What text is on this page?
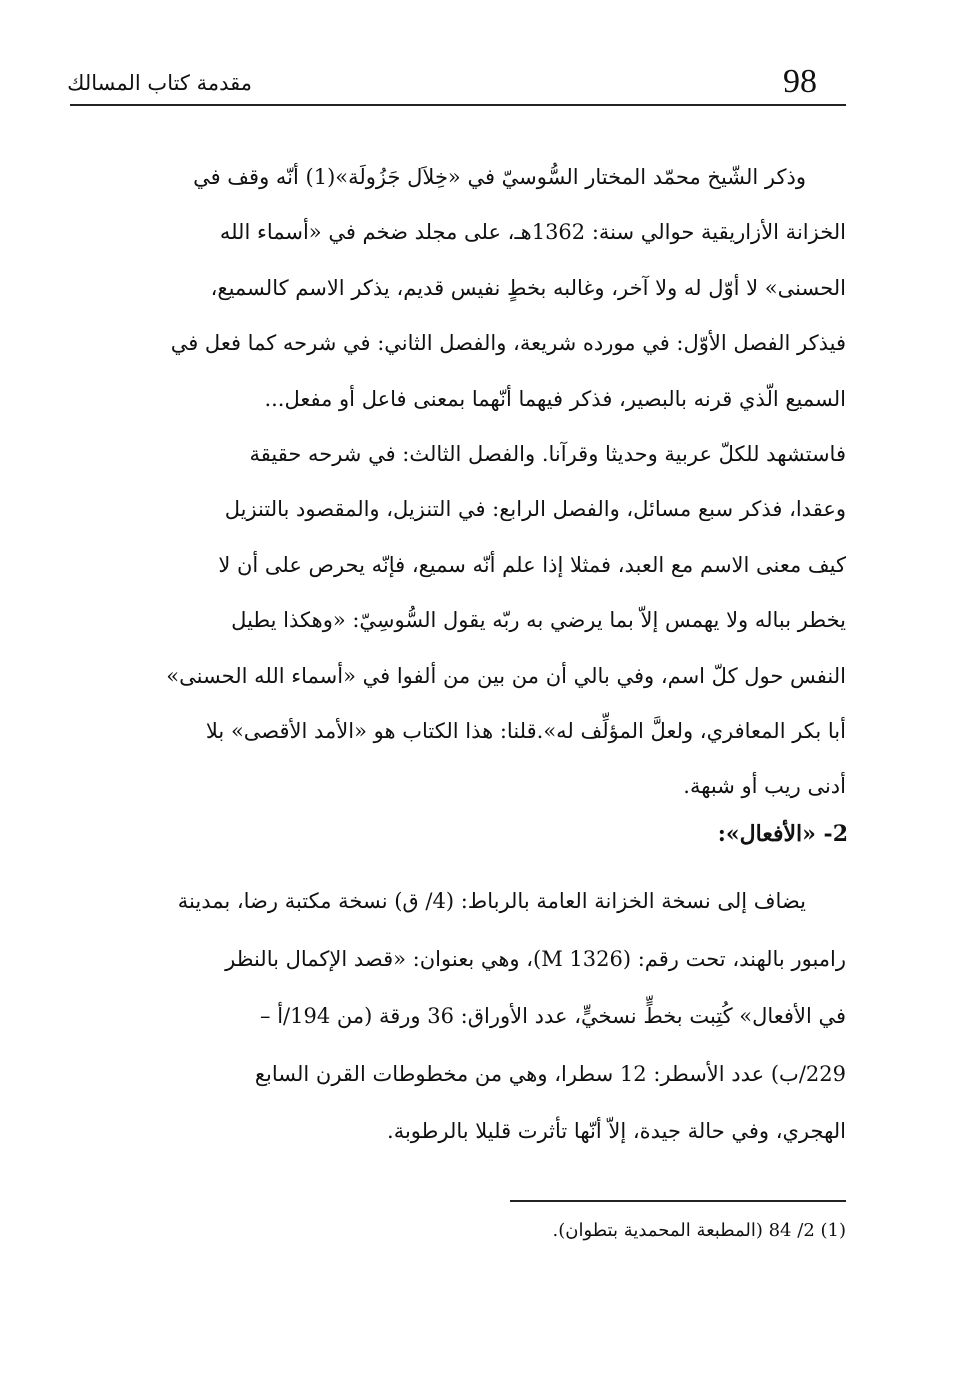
98
مقدمة كتاب المسالك
وذكر الشّيخ محمّد المختار السُّوسيّ في «خِلاَل جَزُولَة»(1) أنّه وقف في
الخزانة الأزاريقية حوالي سنة: 1362هـ، على مجلد ضخم في «أسماء الله
الحسنى» لا أوّل له ولا آخر، وغالبه بخطٍ نفيس قديم، يذكر الاسم كالسميع،
فيذكر الفصل الأوّل: في مورده شريعة، والفصل الثاني: في شرحه كما فعل في
السميع الّذي قرنه بالبصير، فذكر فيهما أنّهما بمعنى فاعل أو مفعل...
فاستشهد للكلّ عربية وحديثا وقرآنا. والفصل الثالث: في شرحه حقيقة
وعقدا، فذكر سبع مسائل، والفصل الرابع: في التنزيل، والمقصود بالتنزيل
كيف معنى الاسم مع العبد، فمثلا إذا علم أنّه سميع، فإنّه يحرص على أن لا
يخطر بباله ولا يهمس إلاّ بما يرضي به ربّه يقول السُّوسِيّ: «وهكذا يطيل
النفس حول كلّ اسم، وفي بالي أن من بين من ألفوا في «أسماء الله الحسنى»
أبا بكر المعافري، ولعلَّ المؤلِّف له».قلنا: هذا الكتاب هو «الأمد الأقصى» بلا
أدنى ريب أو شبهة.
2- «الأفعال»:
يضاف إلى نسخة الخزانة العامة بالرباط: (4/ ق) نسخة مكتبة رضا، بمدينة
رامبور بالهند، تحت رقم: (M 1326)، وهي بعنوان: «قصد الإكمال بالنظر
في الأفعال» كُتِبت بخطٍّ نسخيٍّ، عدد الأوراق: 36 ورقة (من 194/أ –
229/ب) عدد الأسطر: 12 سطرا، وهي من مخطوطات القرن السابع
الهجري، وفي حالة جيدة، إلاّ أنّها تأثرت قليلا بالرطوبة.
(1) 2/ 84 (المطبعة المحمدية بتطوان).
